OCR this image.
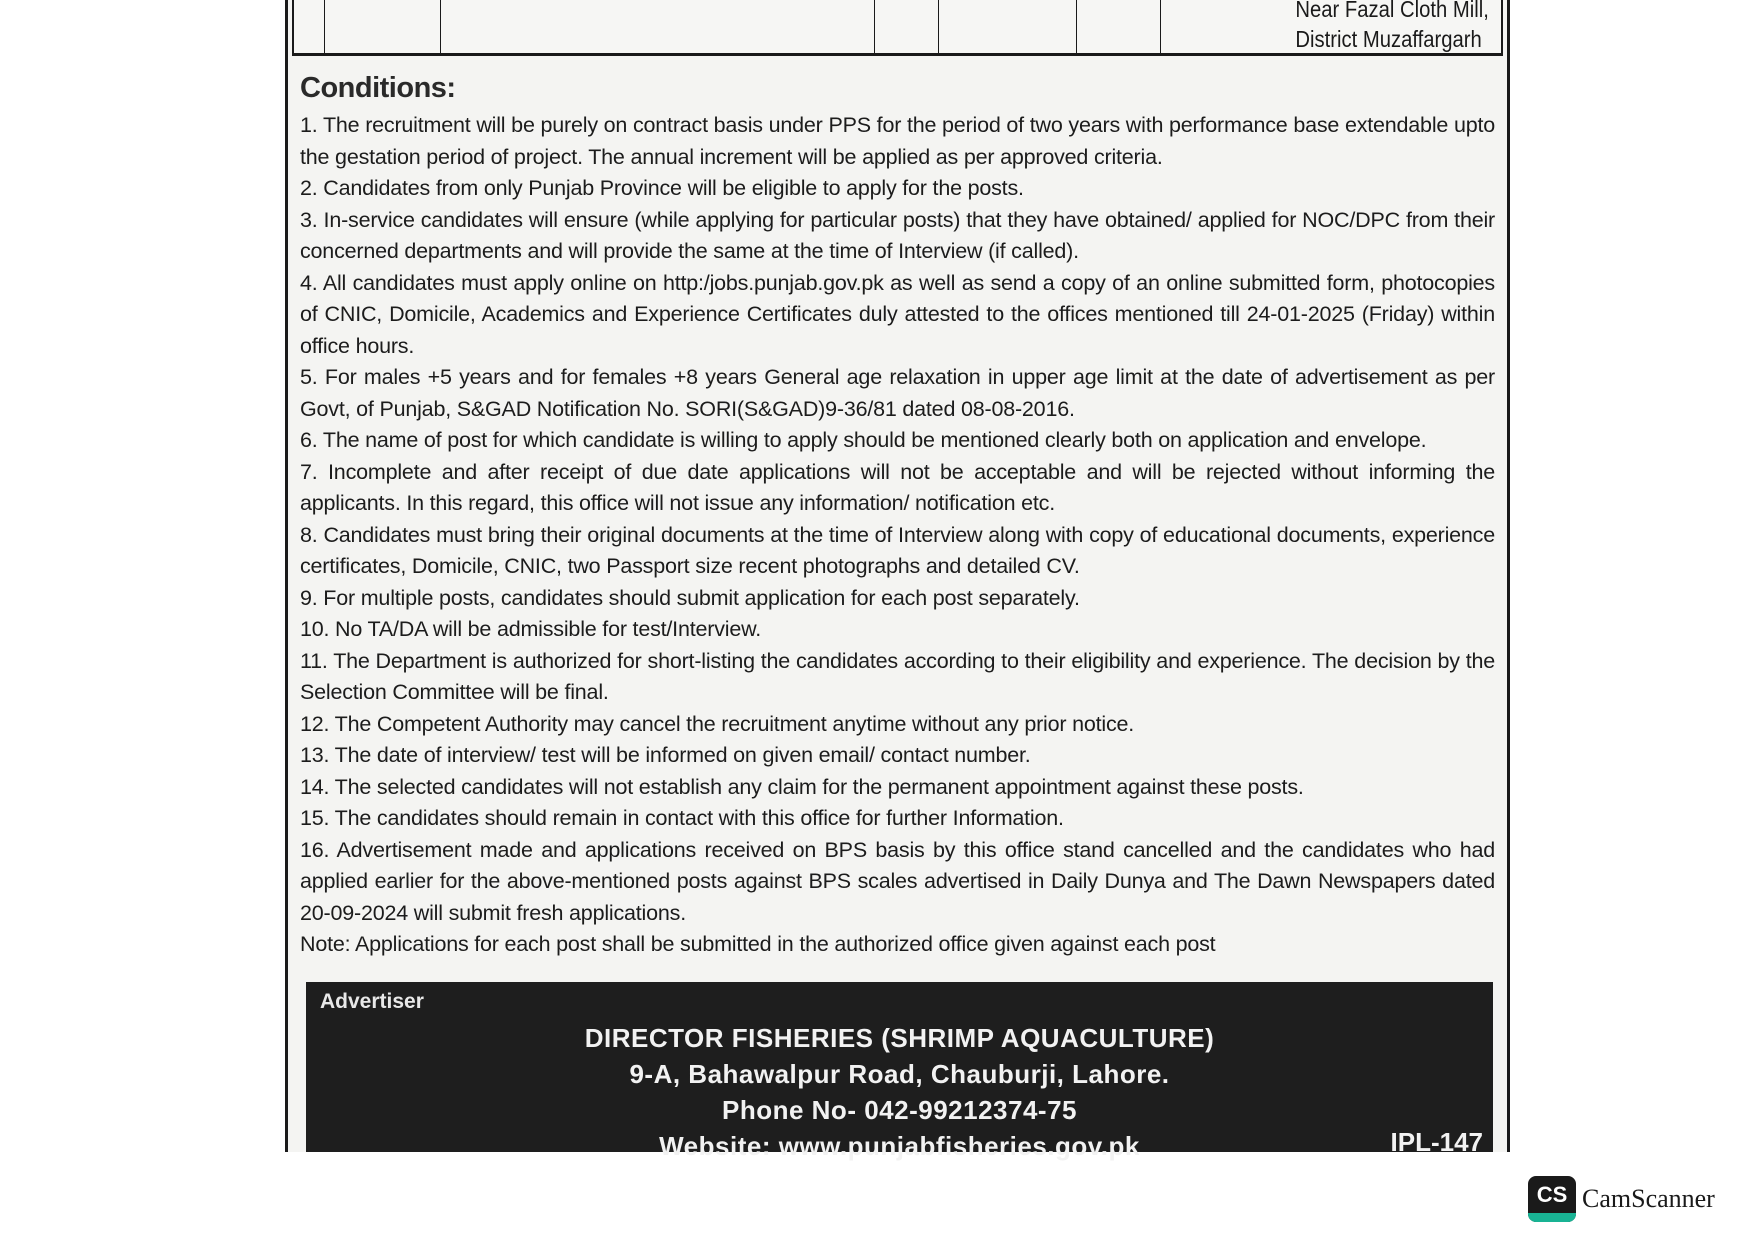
Near Fazal Cloth Mill,
District Muzaffargarh
Conditions:
1. The recruitment will be purely on contract basis under PPS for the period of two years with performance base extendable upto the gestation period of project. The annual increment will be applied as per approved criteria.
2. Candidates from only Punjab Province will be eligible to apply for the posts.
3. In-service candidates will ensure (while applying for particular posts) that they have obtained/ applied for NOC/DPC from their concerned departments and will provide the same at the time of Interview (if called).
4. All candidates must apply online on http:/jobs.punjab.gov.pk as well as send a copy of an online submitted form, photocopies of CNIC, Domicile, Academics and Experience Certificates duly attested to the offices mentioned till 24-01-2025 (Friday) within office hours.
5. For males +5 years and for females +8 years General age relaxation in upper age limit at the date of advertisement as per Govt, of Punjab, S&GAD Notification No. SORI(S&GAD)9-36/81 dated 08-08-2016.
6. The name of post for which candidate is willing to apply should be mentioned clearly both on application and envelope.
7. Incomplete and after receipt of due date applications will not be acceptable and will be rejected without informing the applicants. In this regard, this office will not issue any information/ notification etc.
8. Candidates must bring their original documents at the time of Interview along with copy of educational documents, experience certificates, Domicile, CNIC, two Passport size recent photographs and detailed CV.
9. For multiple posts, candidates should submit application for each post separately.
10. No TA/DA will be admissible for test/Interview.
11. The Department is authorized for short-listing the candidates according to their eligibility and experience. The decision by the Selection Committee will be final.
12. The Competent Authority may cancel the recruitment anytime without any prior notice.
13. The date of interview/ test will be informed on given email/ contact number.
14. The selected candidates will not establish any claim for the permanent appointment against these posts.
15. The candidates should remain in contact with this office for further Information.
16. Advertisement made and applications received on BPS basis by this office stand cancelled and the candidates who had applied earlier for the above-mentioned posts against BPS scales advertised in Daily Dunya and The Dawn Newspapers dated 20-09-2024 will submit fresh applications.
Note: Applications for each post shall be submitted in the authorized office given against each post
Advertiser
DIRECTOR FISHERIES (SHRIMP AQUACULTURE)
9-A, Bahawalpur Road, Chauburji, Lahore.
Phone No- 042-99212374-75
Website: www.punjabfisheries.gov.pk	IPL-147
CS CamScanner
